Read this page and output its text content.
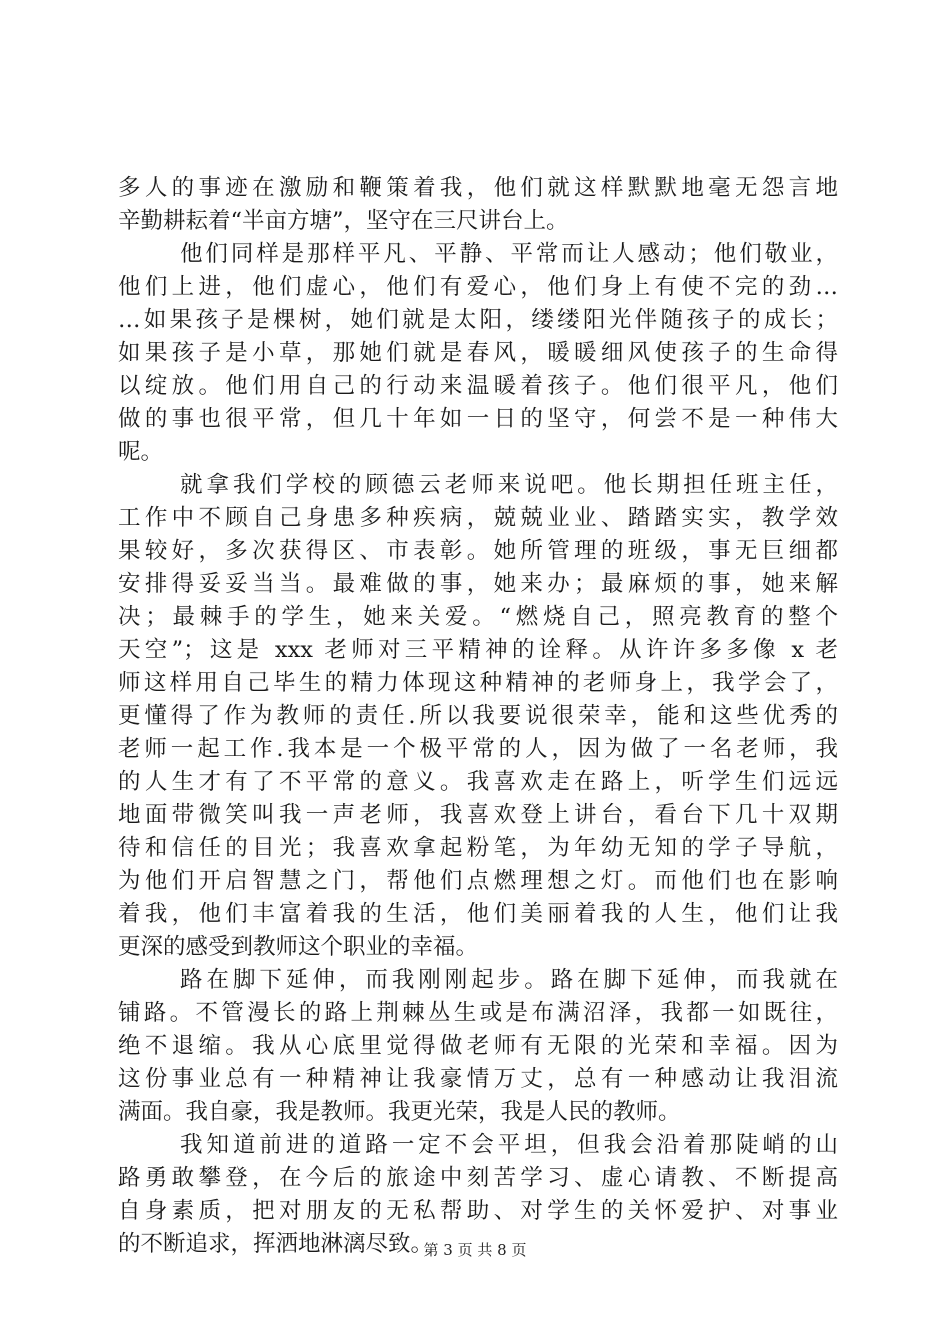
多人的事迹在激励和鞭策着我，他们就这样默默地毫无怨言地
辛勤耕耘着“半亩方塘”，坚守在三尺讲台上。
他们同样是那样平凡、平静、平常而让人感动；他们敬业，
他们上进，他们虚心，他们有爱心，他们身上有使不完的劲…
…如果孩子是棵树，她们就是太阳，缕缕阳光伴随孩子的成长；
如果孩子是小草，那她们就是春风，暖暖细风使孩子的生命得
以绽放。他们用自己的行动来温暖着孩子。他们很平凡，他们
做的事也很平常，但几十年如一日的坚守，何尝不是一种伟大
呢。
就拿我们学校的顾德云老师来说吧。他长期担任班主任，
工作中不顾自己身患多种疾病，兢兢业业、踏踏实实，教学效
果较好，多次获得区、市表彰。她所管理的班级，事无巨细都
安排得妥妥当当。最难做的事，她来办；最麻烦的事，她来解
决；最棘手的学生，她来关爱。“燃烧自己，照亮教育的整个
天空”；这是 xxx 老师对三平精神的诠释。从许许多多像 x 老
师这样用自己毕生的精力体现这种精神的老师身上，我学会了，
更懂得了作为教师的责任.所以我要说很荣幸，能和这些优秀的
老师一起工作.我本是一个极平常的人，因为做了一名老师，我
的人生才有了不平常的意义。我喜欢走在路上，听学生们远远
地面带微笑叫我一声老师，我喜欢登上讲台，看台下几十双期
待和信任的目光；我喜欢拿起粉笔，为年幼无知的学子导航，
为他们开启智慧之门，帮他们点燃理想之灯。而他们也在影响
着我，他们丰富着我的生活，他们美丽着我的人生，他们让我
更深的感受到教师这个职业的幸福。
路在脚下延伸，而我刚刚起步。路在脚下延伸，而我就在
铺路。不管漫长的路上荆棘丛生或是布满沼泽，我都一如既往，
绝不退缩。我从心底里觉得做老师有无限的光荣和幸福。因为
这份事业总有一种精神让我豪情万丈，总有一种感动让我泪流
满面。我自豪，我是教师。我更光荣，我是人民的教师。
我知道前进的道路一定不会平坦，但我会沿着那陡峭的山
路勇敢攀登，在今后的旅途中刻苦学习、虚心请教、不断提高
自身素质，把对朋友的无私帮助、对学生的关怀爱护、对事业
的不断追求，挥洒地淋漓尽致。
第 3 页 共 8 页
